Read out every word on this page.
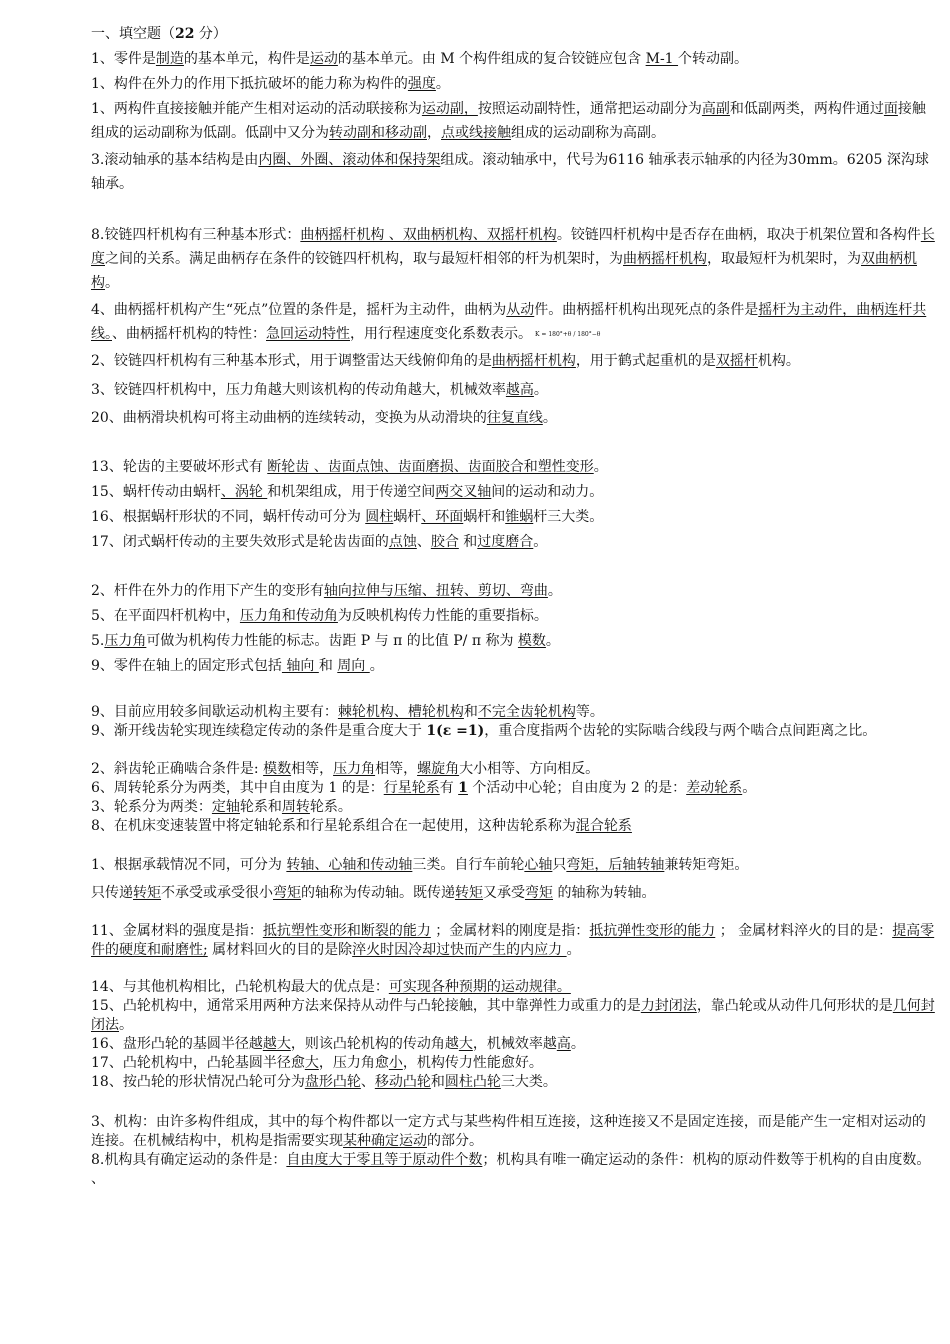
一、填空题（22 分）

1、零件是制造的基本单元，构件是运动的基本单元。由 M 个构件组成的复合铰链应包含 M-1 个转动副。

1、构件在外力的作用下抵抗破坏的能力称为构件的强度。

1、两构件直接接触并能产生相对运动的活动联接称为运动副，按照运动副特性，通常把运动副分为高副和低副两类，两构件通过面接触组成的运动副称为低副。低副中又分为转动副和移动副，点或线接触组成的运动副称为高副。

3.滚动轴承的基本结构是由内圈、外圈、滚动体和保持架组成。滚动轴承中，代号为6116 轴承表示轴承的内径为30mm。6205 深沟球轴承。

8.铰链四杆机构有三种基本形式：曲柄摇杆机构 、双曲柄机构、双摇杆机构。铰链四杆机构中是否存在曲柄，取决于机架位置和各构件长度之间的关系。满足曲柄存在条件的铰链四杆机构，取与最短杆相邻的杆为机架时，为曲柄摇杆机构，取最短杆为机架时，为双曲柄机构。

4、曲柄摇杆机构产生“死点”位置的条件是，摇杆为主动件，曲柄为从动件。曲柄摇杆机构出现死点的条件是摇杆为主动件，曲柄连杆共线。、曲柄摇杆机构的特性：急回运动特性，用行程速度变化系数表示。 K = 180°+θ / 180°−θ

2、铰链四杆机构有三种基本形式，用于调整雷达天线俯仰角的是曲柄摇杆机构，用于鹤式起重机的是双摇杆机构。

3、铰链四杆机构中，压力角越大则该机构的传动角越大，机械效率越高。

20、曲柄滑块机构可将主动曲柄的连续转动，变换为从动滑块的往复直线。

13、轮齿的主要破坏形式有 断轮齿 、齿面点蚀、齿面磨损、齿面胶合和塑性变形。

15、蜗杆传动由蜗杆、涡轮 和机架组成，用于传递空间两交叉轴间的运动和动力。

16、根据蜗杆形状的不同，蜗杆传动可分为 圆柱蜗杆、环面蜗杆和锥蜗杆三大类。

17、闭式蜗杆传动的主要失效形式是轮齿齿面的点蚀、胶合 和过度磨合。

2、杆件在外力的作用下产生的变形有轴向拉伸与压缩、扭转、剪切、弯曲。

5、在平面四杆机构中，压力角和传动角为反映机构传力性能的重要指标。

5.压力角可做为机构传力性能的标志。齿距 P 与 π 的比值 P/ π 称为 模数。

9、零件在轴上的固定形式包括 轴向 和 周向 。

9、目前应用较多间歇运动机构主要有：棘轮机构、槽轮机构和不完全齿轮机构等。

9、渐开线齿轮实现连续稳定传动的条件是重合度大于 1(ε =1)，重合度指两个齿轮的实际啮合线段与两个啮合点间距离之比。

2、斜齿轮正确啮合条件是: 模数相等，压力角相等，螺旋角大小相等、方向相反。

6、周转轮系分为两类，其中自由度为 1 的是：行星轮系有 1 个活动中心轮；自由度为 2 的是：差动轮系。

3、轮系分为两类：定轴轮系和周转轮系。

8、在机床变速装置中将定轴轮系和行星轮系组合在一起使用，这种齿轮系称为混合轮系

1、根据承载情况不同，可分为 转轴、心轴和传动轴三类。自行车前轮心轴只弯矩，后轴转轴兼转矩弯矩。

只传递转矩不承受或承受很小弯矩的轴称为传动轴。既传递转矩又承受弯矩 的轴称为转轴。

11、金属材料的强度是指：抵抗塑性变形和断裂的能力 ；金属材料的刚度是指：抵抗弹性变形的能力 ； 金属材料淬火的目的是：提高零件的硬度和耐磨性; 属材料回火的目的是除淬火时因冷却过快而产生的内应力 。

14、与其他机构相比，凸轮机构最大的优点是：可实现各种预期的运动规律。

15、凸轮机构中，通常采用两种方法来保持从动件与凸轮接触，其中靠弹性力或重力的是力封闭法，靠凸轮或从动件几何形状的是几何封闭法。

16、盘形凸轮的基圆半径越越大，则该凸轮机构的传动角越大，机械效率越高。

17、凸轮机构中，凸轮基圆半径愈大，压力角愈小，机构传力性能愈好。

18、按凸轮的形状情况凸轮可分为盘形凸轮、移动凸轮和圆柱凸轮三大类。

3、机构：由许多构件组成，其中的每个构件都以一定方式与某些构件相互连接，这种连接又不是固定连接，而是能产生一定相对运动的连接。在机械结构中，机构是指需要实现某种确定运动的部分。

8.机构具有确定运动的条件是：自由度大于零且等于原动件个数；机构具有唯一确定运动的条件：机构的原动件数等于机构的自由度数。 、
